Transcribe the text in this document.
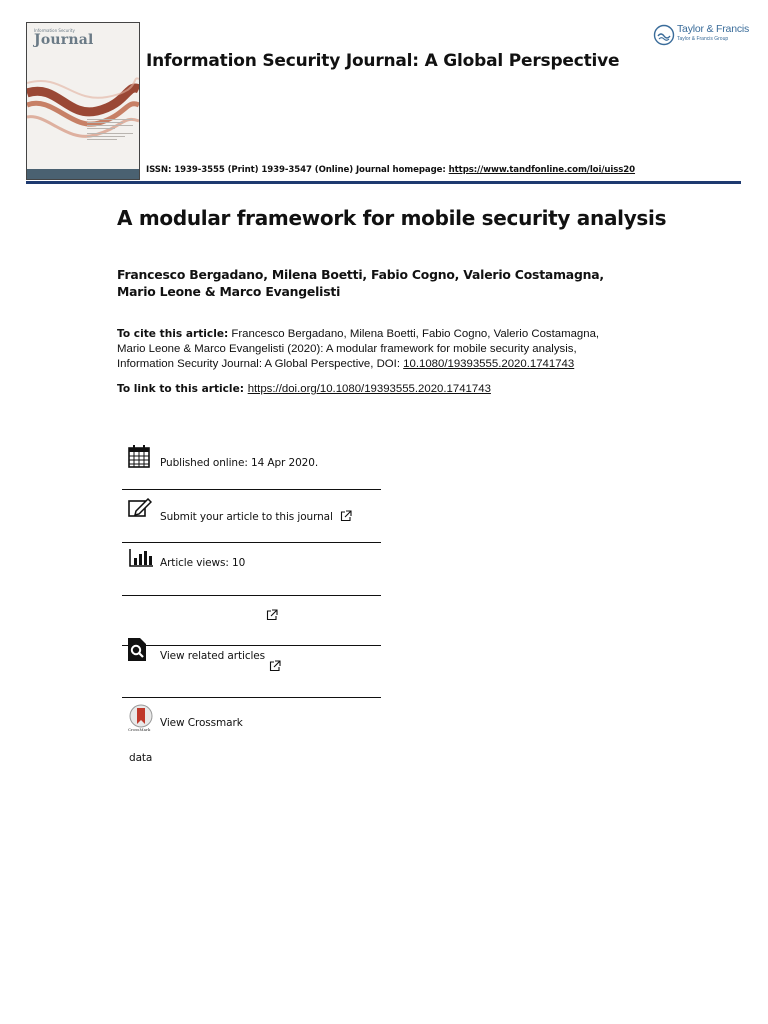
Information Security
Journal
Taylor & Francis
Taylor & Francis Group
Information Security Journal: A Global Perspective
ISSN: 1939-3555 (Print) 1939-3547 (Online) Journal homepage: https://www.tandfonline.com/loi/uiss20
A modular framework for mobile security analysis
Francesco Bergadano, Milena Boetti, Fabio Cogno, Valerio Costamagna,
Mario Leone & Marco Evangelisti
To cite this article: Francesco Bergadano, Milena Boetti, Fabio Cogno, Valerio Costamagna,
Mario Leone & Marco Evangelisti (2020): A modular framework for mobile security analysis,
Information Security Journal: A Global Perspective, DOI: 10.1080/19393555.2020.1741743
To link to this article: https://doi.org/10.1080/19393555.2020.1741743
Published online: 14 Apr 2020.
Submit your article to this journal
Article views: 10
View related articles
CrossMark
View Crossmark
data
